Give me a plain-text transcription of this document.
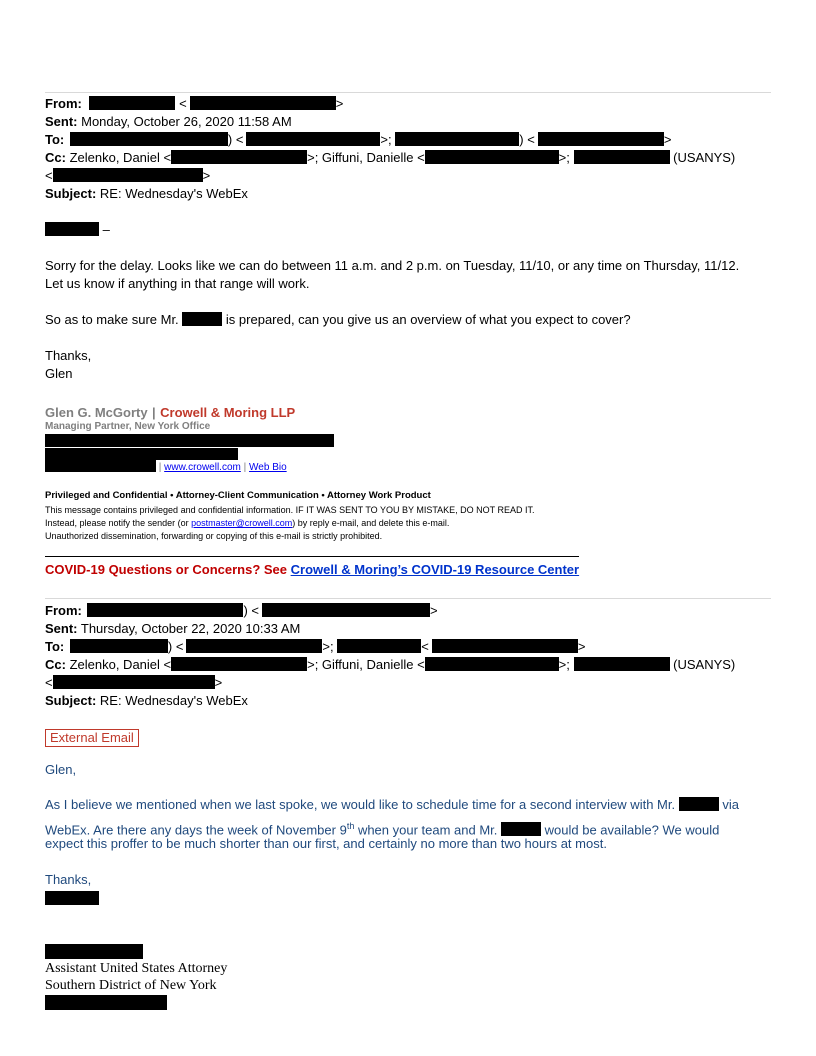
From:	<	>
Sent: Monday, October 26, 2020 11:58 AM
To:	) <	>;	) <	>
Cc: Zelenko, Daniel <	>; Giffuni, Danielle <	>;	(USANYS)
<	>
Subject: RE: Wednesday's WebEx
–
Sorry for the delay. Looks like we can do between 11 a.m. and 2 p.m. on Tuesday, 11/10, or any time on Thursday, 11/12.
Let us know if anything in that range will work.
So as to make sure Mr.	is prepared, can you give us an overview of what you expect to cover?
Thanks,
Glen
Glen G. McGorty | Crowell & Moring LLP
Managing Partner, New York Office
| www.crowell.com | Web Bio
Privileged and Confidential • Attorney-Client Communication • Attorney Work Product
This message contains privileged and confidential information. IF IT WAS SENT TO YOU BY MISTAKE, DO NOT READ IT.
Instead, please notify the sender (or postmaster@crowell.com) by reply e-mail, and delete this e-mail.
Unauthorized dissemination, forwarding or copying of this e-mail is strictly prohibited.
COVID-19 Questions or Concerns? See Crowell & Moring’s COVID-19 Resource Center
From:	) <	>
Sent: Thursday, October 22, 2020 10:33 AM
To:	) <	>;	<	>
Cc: Zelenko, Daniel <	>; Giffuni, Danielle <	>;	(USANYS)
<	>
Subject: RE: Wednesday's WebEx
External Email
Glen,
As I believe we mentioned when we last spoke, we would like to schedule time for a second interview with Mr.	via
WebEx. Are there any days the week of November 9th when your team and Mr.	would be available? We would
expect this proffer to be much shorter than our first, and certainly no more than two hours at most.
Thanks,
Assistant United States Attorney
Southern District of New York
